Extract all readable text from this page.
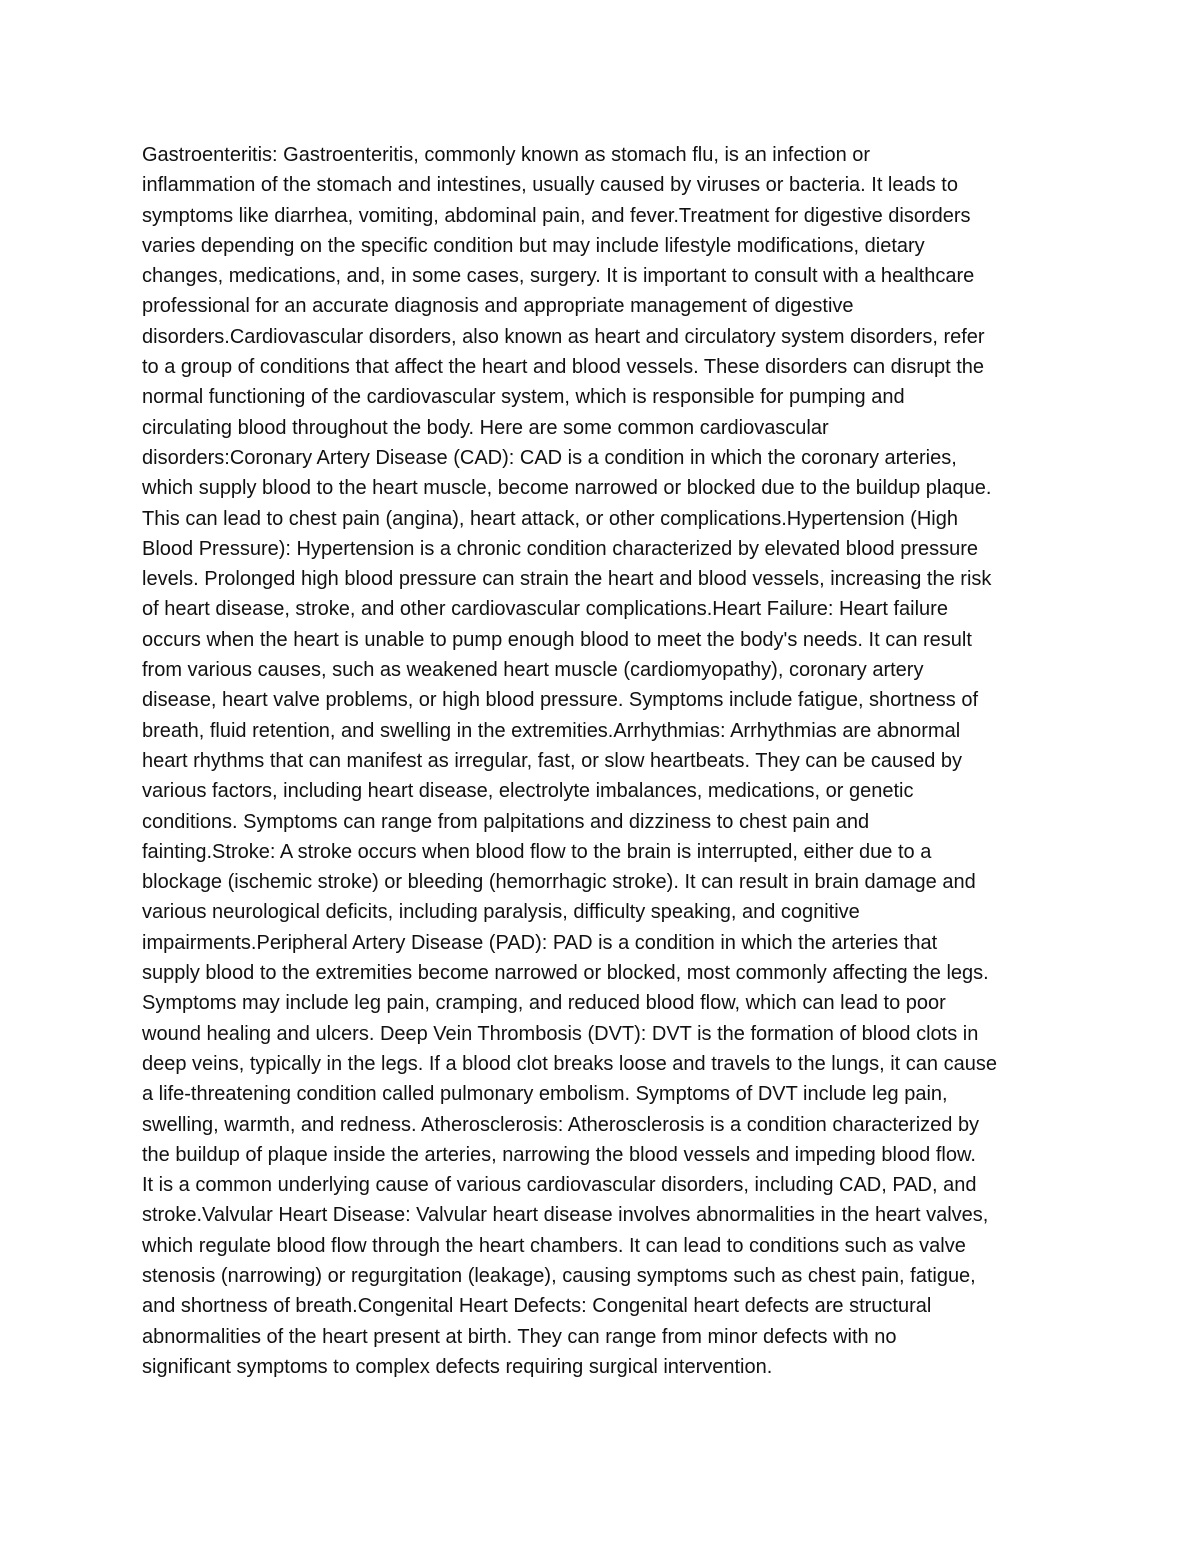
Gastroenteritis: Gastroenteritis, commonly known as stomach flu, is an infection or
inflammation of the stomach and intestines, usually caused by viruses or bacteria. It leads to
symptoms like diarrhea, vomiting, abdominal pain, and fever.Treatment for digestive disorders
varies depending on the specific condition but may include lifestyle modifications, dietary
changes, medications, and, in some cases, surgery. It is important to consult with a healthcare
professional for an accurate diagnosis and appropriate management of digestive
disorders.Cardiovascular disorders, also known as heart and circulatory system disorders, refer
to a group of conditions that affect the heart and blood vessels. These disorders can disrupt the
normal functioning of the cardiovascular system, which is responsible for pumping and
circulating blood throughout the body. Here are some common cardiovascular
disorders:Coronary Artery Disease (CAD): CAD is a condition in which the coronary arteries,
which supply blood to the heart muscle, become narrowed or blocked due to the buildup plaque.
This can lead to chest pain (angina), heart attack, or other complications.Hypertension (High
Blood Pressure): Hypertension is a chronic condition characterized by elevated blood pressure
levels. Prolonged high blood pressure can strain the heart and blood vessels, increasing the risk
of heart disease, stroke, and other cardiovascular complications.Heart Failure: Heart failure
occurs when the heart is unable to pump enough blood to meet the body's needs. It can result
from various causes, such as weakened heart muscle (cardiomyopathy), coronary artery
disease, heart valve problems, or high blood pressure. Symptoms include fatigue, shortness of
breath, fluid retention, and swelling in the extremities.Arrhythmias: Arrhythmias are abnormal
heart rhythms that can manifest as irregular, fast, or slow heartbeats. They can be caused by
various factors, including heart disease, electrolyte imbalances, medications, or genetic
conditions. Symptoms can range from palpitations and dizziness to chest pain and
fainting.Stroke: A stroke occurs when blood flow to the brain is interrupted, either due to a
blockage (ischemic stroke) or bleeding (hemorrhagic stroke). It can result in brain damage and
various neurological deficits, including paralysis, difficulty speaking, and cognitive
impairments.Peripheral Artery Disease (PAD): PAD is a condition in which the arteries that
supply blood to the extremities become narrowed or blocked, most commonly affecting the legs.
Symptoms may include leg pain, cramping, and reduced blood flow, which can lead to poor
wound healing and ulcers. Deep Vein Thrombosis (DVT): DVT is the formation of blood clots in
deep veins, typically in the legs. If a blood clot breaks loose and travels to the lungs, it can cause
a life-threatening condition called pulmonary embolism. Symptoms of DVT include leg pain,
swelling, warmth, and redness. Atherosclerosis: Atherosclerosis is a condition characterized by
the buildup of plaque inside the arteries, narrowing the blood vessels and impeding blood flow.
It is a common underlying cause of various cardiovascular disorders, including CAD, PAD, and
stroke.Valvular Heart Disease: Valvular heart disease involves abnormalities in the heart valves,
which regulate blood flow through the heart chambers. It can lead to conditions such as valve
stenosis (narrowing) or regurgitation (leakage), causing symptoms such as chest pain, fatigue,
and shortness of breath.Congenital Heart Defects: Congenital heart defects are structural
abnormalities of the heart present at birth. They can range from minor defects with no
significant symptoms to complex defects requiring surgical intervention.
